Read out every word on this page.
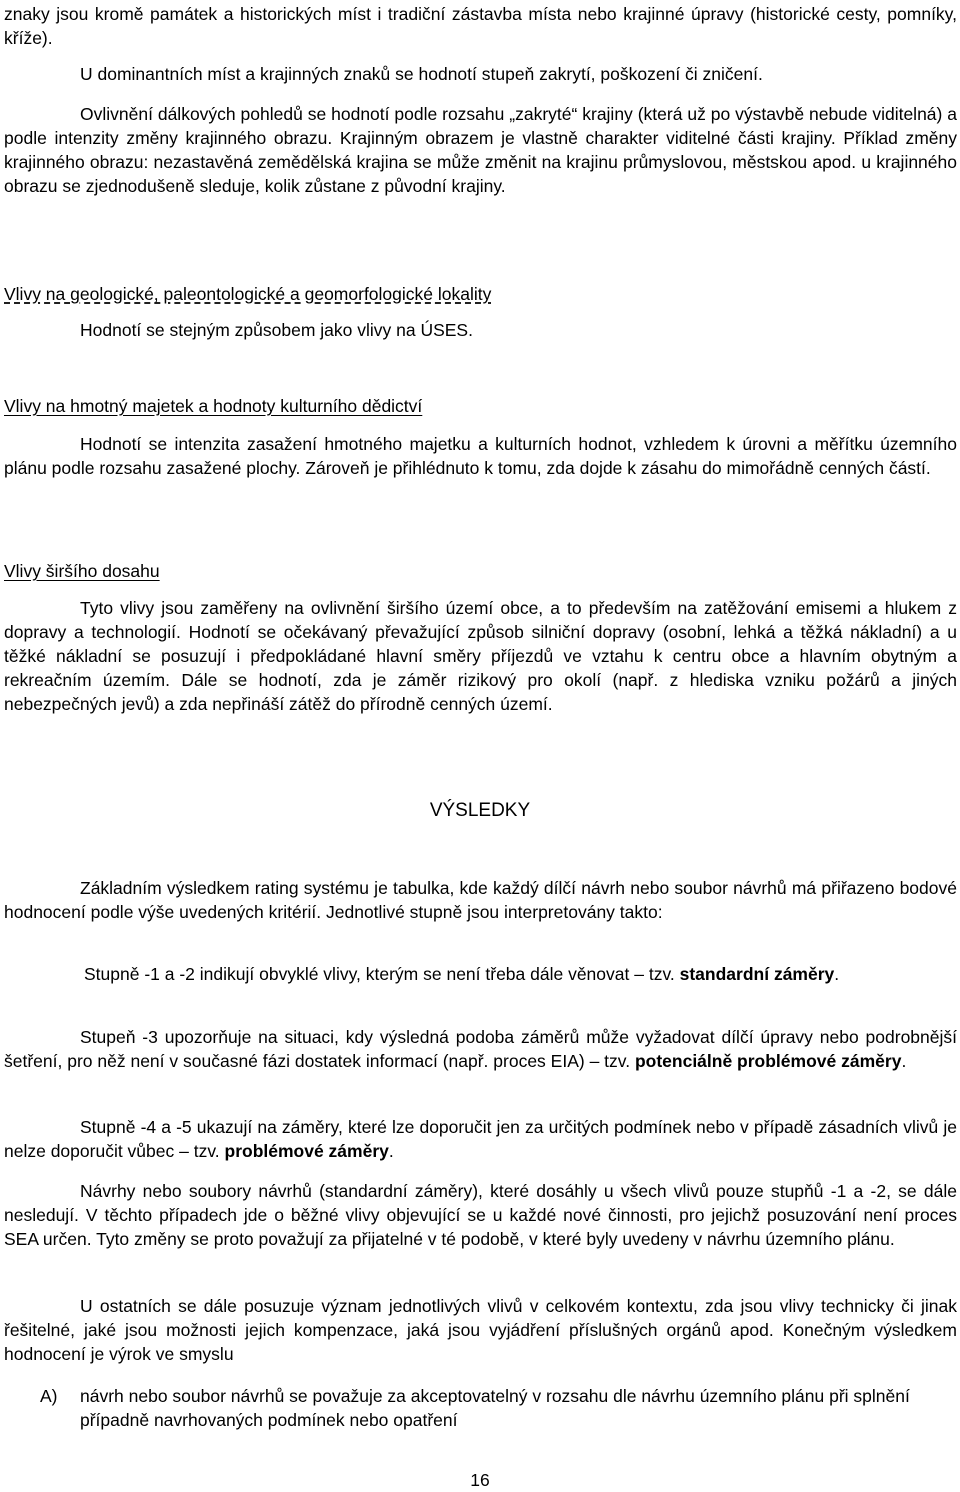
znaky jsou kromě památek a historických míst i tradiční zástavba místa nebo krajinné úpravy (historické cesty, pomníky, kříže).

U dominantních míst a krajinných znaků se hodnotí stupeň zakrytí, poškození či zničení.

Ovlivnění dálkových pohledů se hodnotí podle rozsahu „zakryté“ krajiny (která už po výstavbě nebude viditelná) a podle intenzity změny krajinného obrazu. Krajinným obrazem je vlastně charakter viditelné části krajiny. Příklad změny krajinného obrazu: nezastavěná zemědělská krajina se může změnit na krajinu průmyslovou, městskou apod. u krajinného obrazu se zjednodušeně sleduje, kolik zůstane z původní krajiny.

Vlivy na geologické, paleontologické a geomorfologické lokality

Hodnotí se stejným způsobem jako vlivy na ÚSES.

Vlivy na hmotný majetek a hodnoty kulturního dědictví

Hodnotí se intenzita zasažení hmotného majetku a kulturních hodnot, vzhledem k úrovni a měřítku územního plánu podle rozsahu zasažené plochy. Zároveň je přihlédnuto k tomu, zda dojde k zásahu do mimořádně cenných částí.

Vlivy širšího dosahu

Tyto vlivy jsou zaměřeny na ovlivnění širšího území obce, a to především na zatěžování emisemi a hlukem z dopravy a technologií. Hodnotí se očekávaný převažující způsob silniční dopravy (osobní, lehká a těžká nákladní) a u těžké nákladní se posuzují i předpokládané hlavní směry příjezdů ve vztahu k centru obce a hlavním obytným a rekreačním územím. Dále se hodnotí, zda je záměr rizikový pro okolí (např. z hlediska vzniku požárů a jiných nebezpečných jevů) a zda nepřináší zátěž do přírodně cenných území.

VÝSLEDKY

Základním výsledkem rating systému je tabulka, kde každý dílčí návrh nebo soubor návrhů má přiřazeno bodové hodnocení podle výše uvedených kritérií. Jednotlivé stupně jsou interpretovány takto:

Stupně -1 a -2 indikují obvyklé vlivy, kterým se není třeba dále věnovat – tzv. standardní záměry.

Stupeň -3 upozorňuje na situaci, kdy výsledná podoba záměrů může vyžadovat dílčí úpravy nebo podrobnější šetření, pro něž není v současné fázi dostatek informací (např. proces EIA) – tzv. potenciálně problémové záměry.

Stupně -4 a -5 ukazují na záměry, které lze doporučit jen za určitých podmínek nebo v případě zásadních vlivů je nelze doporučit vůbec – tzv. problémové záměry.

Návrhy nebo soubory návrhů (standardní záměry), které dosáhly u všech vlivů pouze stupňů -1 a -2, se dále nesledují. V těchto případech jde o běžné vlivy objevující se u každé nové činnosti, pro jejichž posuzování není proces SEA určen. Tyto změny se proto považují za přijatelné v té podobě, v které byly uvedeny v návrhu územního plánu.

U ostatních se dále posuzuje význam jednotlivých vlivů v celkovém kontextu, zda jsou vlivy technicky či jinak řešitelné, jaké jsou možnosti jejich kompenzace, jaká jsou vyjádření příslušných orgánů apod. Konečným výsledkem hodnocení je výrok ve smyslu

A)	návrh nebo soubor návrhů se považuje za akceptovatelný v rozsahu dle návrhu územního plánu při splnění případně navrhovaných podmínek nebo opatření
16
